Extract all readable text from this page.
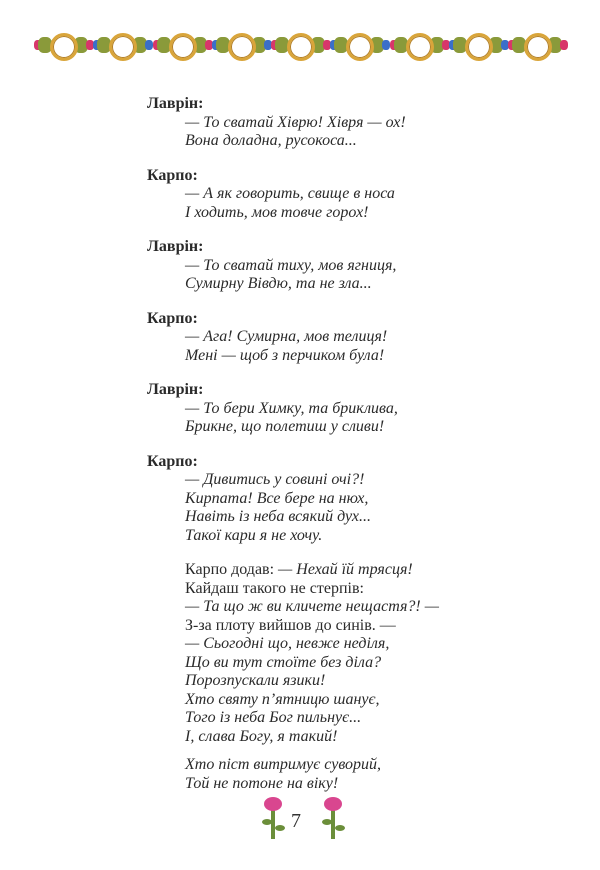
Лаврін:
— То сватай Хіврю! Хівря — ох!
Вона доладна, русокоса...
Карпо:
— А як говорить, свище в носа
І ходить, мов товче горох!
Лаврін:
— То сватай тиху, мов ягниця,
Сумирну Вівдю, та не зла...
Карпо:
— Ага! Сумирна, мов телиця!
Мені — щоб з перчиком була!
Лаврін:
— То бери Химку, та бриклива,
Брикне, що полетиш у сливи!
Карпо:
— Дивитись у совині очі?!
Кирпата! Все бере на нюх,
Навіть із неба всякий дух...
Такої кари я не хочу.
Карпо додав: — Нехай їй трясця!
Кайдаш такого не стерпів:
— Та що ж ви кличете нещастя?! —
З-за плоту вийшов до синів. —
— Сьогодні що, невже неділя,
Що ви тут стоїте без діла?
Порозпускали язики!
Хто святу п’ятницю шанує,
Того із неба Бог пильнує...
І, слава Богу, я такий!
Хто піст витримує суворий,
Той не потоне на віку!
7
